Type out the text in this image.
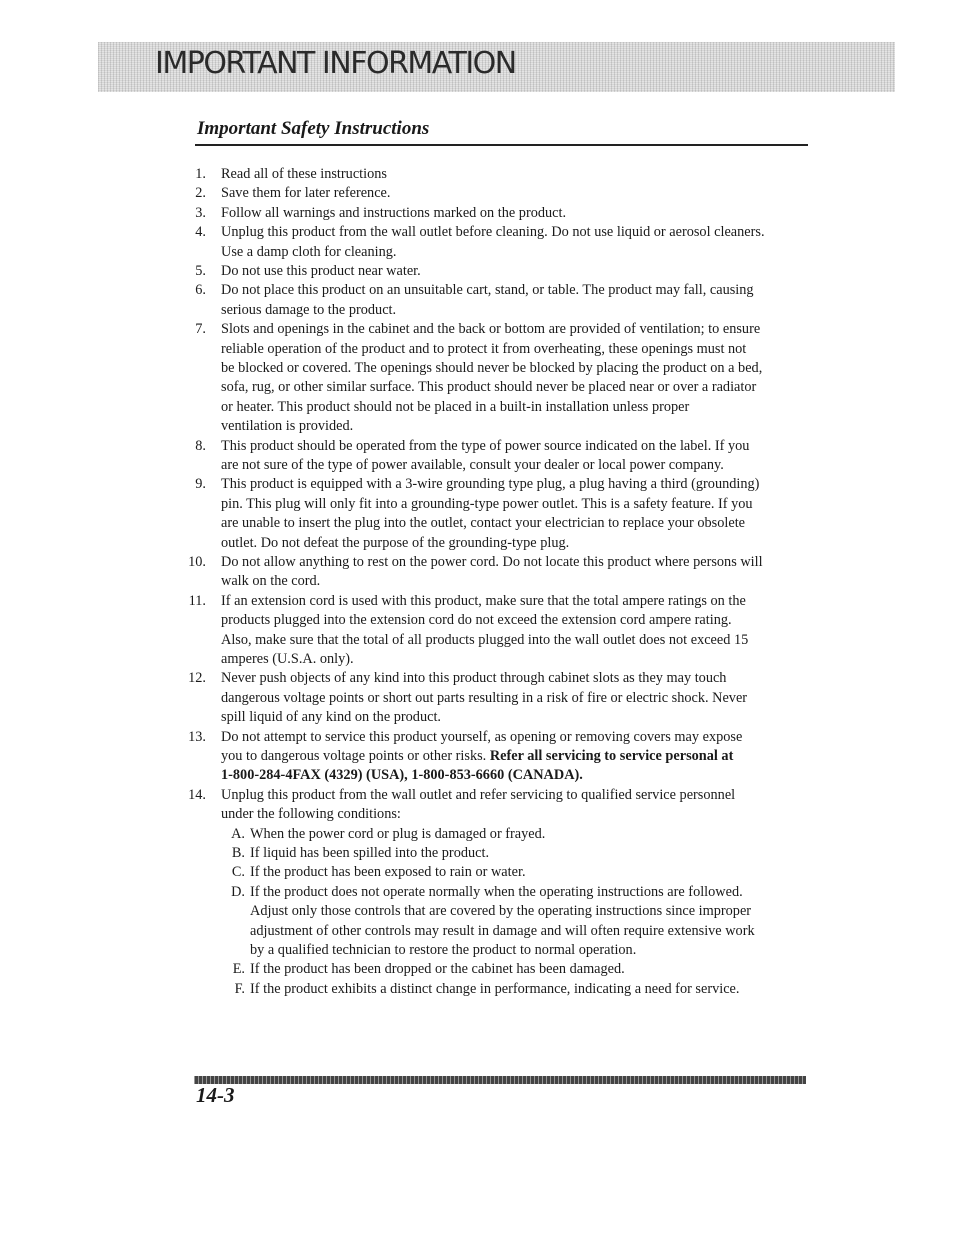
IMPORTANT INFORMATION
Important Safety Instructions
1. Read all of these instructions
2. Save them for later reference.
3. Follow all warnings and instructions marked on the product.
4. Unplug this product from the wall outlet before cleaning. Do not use liquid or aerosol cleaners.
Use a damp cloth for cleaning.
5. Do not use this product near water.
6. Do not place this product on an unsuitable cart, stand, or table. The product may fall, causing
serious damage to the product.
7. Slots and openings in the cabinet and the back or bottom are provided of ventilation; to ensure
reliable operation of the product and to protect it from overheating, these openings must not
be blocked or covered. The openings should never be blocked by placing the product on a bed,
sofa, rug, or other similar surface. This product should never be placed near or over a radiator
or heater. This product should not be placed in a built-in installation unless proper
ventilation is provided.
8. This product should be operated from the type of power source indicated on the label. If you
are not sure of the type of power available, consult your dealer or local power company.
9. This product is equipped with a 3-wire grounding type plug, a plug having a third (grounding)
pin. This plug will only fit into a grounding-type power outlet. This is a safety feature. If you
are unable to insert the plug into the outlet, contact your electrician to replace your obsolete
outlet. Do not defeat the purpose of the grounding-type plug.
10. Do not allow anything to rest on the power cord. Do not locate this product where persons will
walk on the cord.
11. If an extension cord is used with this product, make sure that the total ampere ratings on the
products plugged into the extension cord do not exceed the extension cord ampere rating.
Also, make sure that the total of all products plugged into the wall outlet does not exceed 15
amperes (U.S.A. only).
12. Never push objects of any kind into this product through cabinet slots as they may touch
dangerous voltage points or short out parts resulting in a risk of fire or electric shock. Never
spill liquid of any kind on the product.
13. Do not attempt to service this product yourself, as opening or removing covers may expose
you to dangerous voltage points or other risks. Refer all servicing to service personal at
1-800-284-4FAX (4329) (USA), 1-800-853-6660 (CANADA).
14. Unplug this product from the wall outlet and refer servicing to qualified service personnel
under the following conditions:
A. When the power cord or plug is damaged or frayed.
B. If liquid has been spilled into the product.
C. If the product has been exposed to rain or water.
D. If the product does not operate normally when the operating instructions are followed.
Adjust only those controls that are covered by the operating instructions since improper
adjustment of other controls may result in damage and will often require extensive work
by a qualified technician to restore the product to normal operation.
E. If the product has been dropped or the cabinet has been damaged.
F. If the product exhibits a distinct change in performance, indicating a need for service.
14-3
